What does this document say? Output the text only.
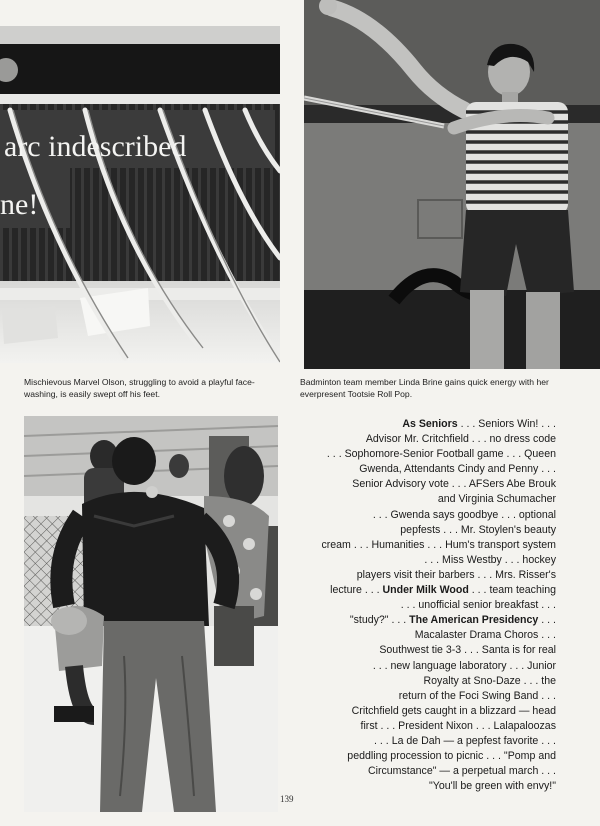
arc indescribed
ne!
Mischievous Marvel Olson, struggling to avoid a playful face-washing, is easily swept off his feet.
Badminton team member Linda Brine gains quick energy with her everpresent Tootsie Roll Pop.
As Seniors . . . Seniors Win! . . .
Advisor Mr. Critchfield . . . no dress code
. . . Sophomore-Senior Football game . . . Queen
Gwenda, Attendants Cindy and Penny . . .
Senior Advisory vote . . . AFSers Abe Brouk
and Virginia Schumacher
. . . Gwenda says goodbye . . . optional
pepfests . . . Mr. Stoylen's beauty
cream . . . Humanities . . . Hum's transport system
. . . Miss Westby . . . hockey
players visit their barbers . . . Mrs. Risser's
lecture . . . Under Milk Wood . . . team teaching
. . . unofficial senior breakfast . . .
"study?" . . . The American Presidency . . .
Macalaster Drama Choros . . .
Southwest tie 3-3 . . . Santa is for real
. . . new language laboratory . . . Junior
Royalty at Sno-Daze . . . the
return of the Foci Swing Band . . .
Critchfield gets caught in a blizzard — head
first . . . President Nixon . . . Lalapaloozas
. . . La de Dah — a pepfest favorite . . .
peddling procession to picnic . . . "Pomp and
Circumstance" — a perpetual march . . .
"You'll be green with envy!"
139
